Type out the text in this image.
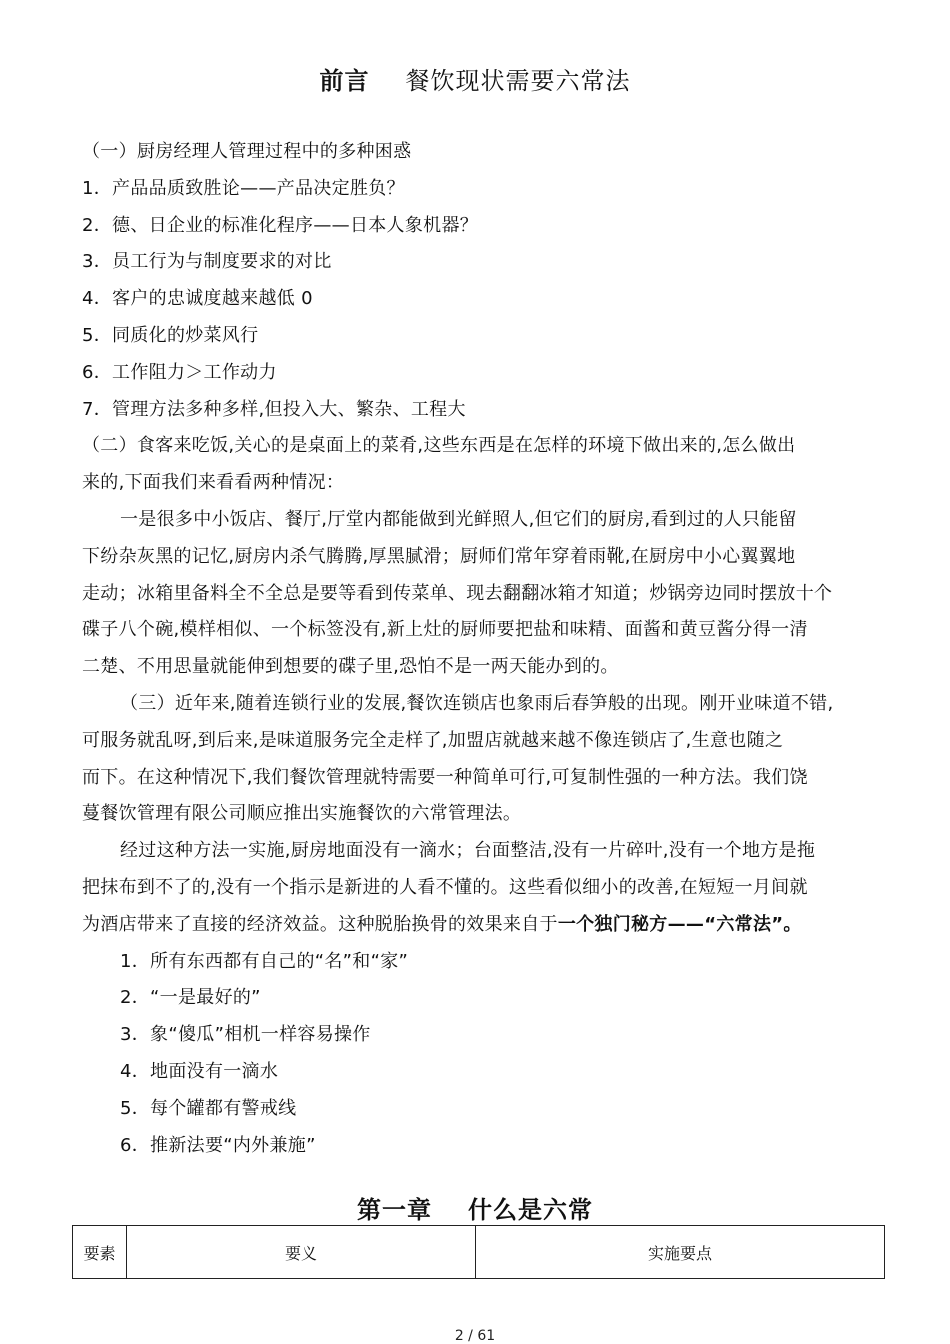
前言 餐饮现状需要六常法
（一）厨房经理人管理过程中的多种困惑
1．产品品质致胜论——产品决定胜负？
2．德、日企业的标准化程序——日本人象机器？
3．员工行为与制度要求的对比
4．客户的忠诚度越来越低 0
5．同质化的炒菜风行
6．工作阻力＞工作动力
7．管理方法多种多样,但投入大、繁杂、工程大
（二）食客来吃饭,关心的是桌面上的菜肴,这些东西是在怎样的环境下做出来的,怎么做出
来的,下面我们来看看两种情况：
一是很多中小饭店、餐厅,厅堂内都能做到光鲜照人,但它们的厨房,看到过的人只能留
下纷杂灰黑的记忆,厨房内杀气腾腾,厚黑腻滑；厨师们常年穿着雨靴,在厨房中小心翼翼地
走动；冰箱里备料全不全总是要等看到传菜单、现去翻翻冰箱才知道；炒锅旁边同时摆放十个
碟子八个碗,模样相似、一个标签没有,新上灶的厨师要把盐和味精、面酱和黄豆酱分得一清
二楚、不用思量就能伸到想要的碟子里,恐怕不是一两天能办到的。
（三）近年来,随着连锁行业的发展,餐饮连锁店也象雨后春笋般的出现。刚开业味道不错,
可服务就乱呀,到后来,是味道服务完全走样了,加盟店就越来越不像连锁店了,生意也随之
而下。在这种情况下,我们餐饮管理就特需要一种简单可行,可复制性强的一种方法。我们饶
蔓餐饮管理有限公司顺应推出实施餐饮的六常管理法。
经过这种方法一实施,厨房地面没有一滴水；台面整洁,没有一片碎叶,没有一个地方是拖
把抹布到不了的,没有一个指示是新进的人看不懂的。这些看似细小的改善,在短短一月间就
为酒店带来了直接的经济效益。这种脱胎换骨的效果来自于一个独门秘方——“六常法”。
1．所有东西都有自己的“名”和“家”
2．“一是最好的”
3．象“傻瓜”相机一样容易操作
4．地面没有一滴水
5．每个罐都有警戒线
6．推新法要“内外兼施”
第一章 什么是六常
要素	要义	实施要点
2 / 61
